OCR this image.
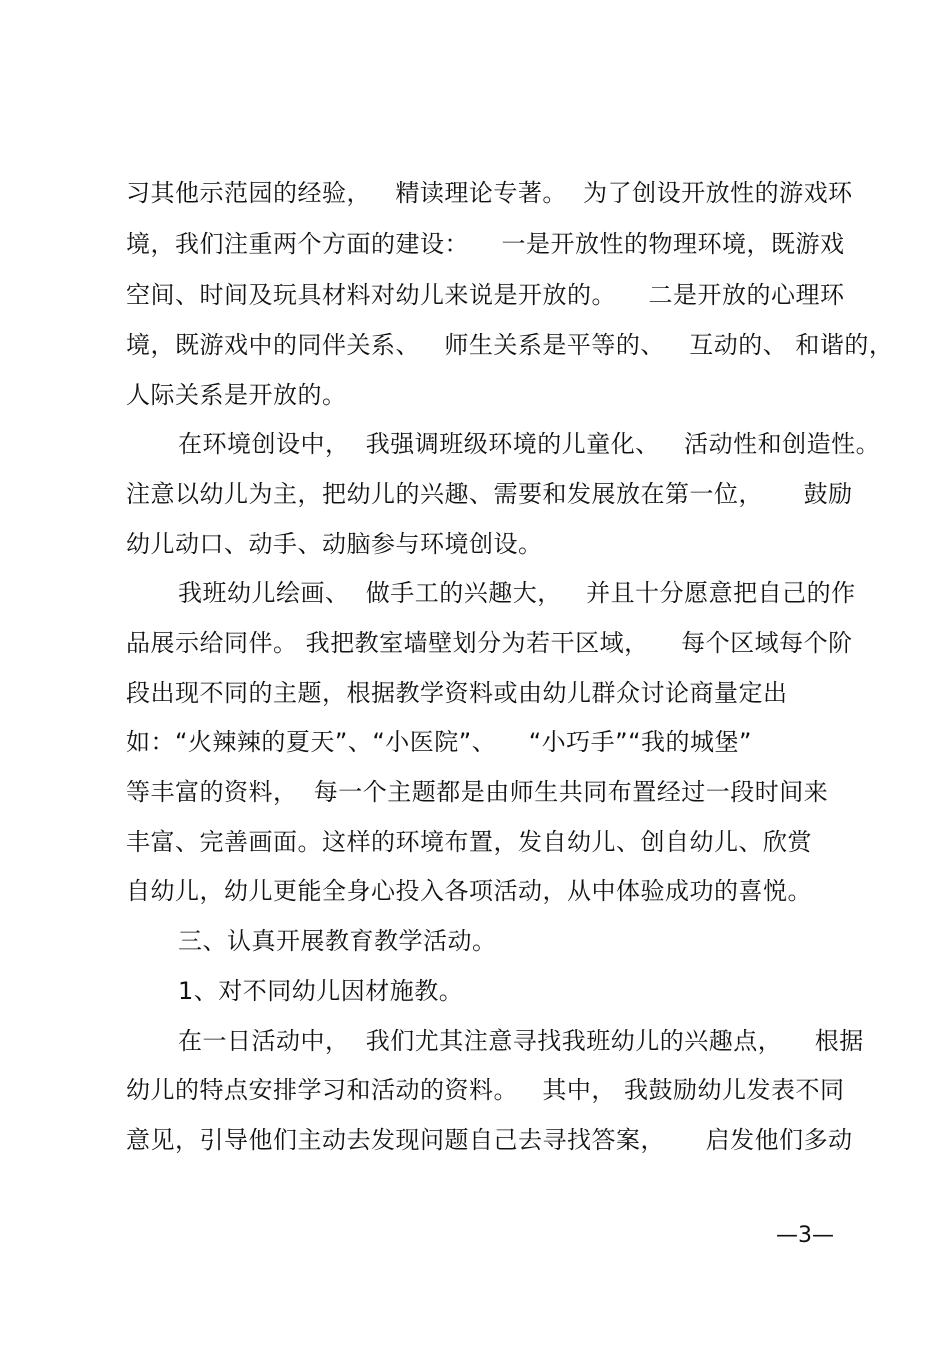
习其他示范园的经验，   精读理论专著。  为了创设开放性的游戏环
境，我们注重两个方面的建设：    一是开放性的物理环境，既游戏
空间、时间及玩具材料对幼儿来说是开放的。    二是开放的心理环
境，既游戏中的同伴关系、   师生关系是平等的、   互动的、 和谐的，
人际关系是开放的。
在环境创设中，  我强调班级环境的儿童化、   活动性和创造性。
注意以幼儿为主，把幼儿的兴趣、需要和发展放在第一位，     鼓励
幼儿动口、动手、动脑参与环境创设。
我班幼儿绘画、  做手工的兴趣大，   并且十分愿意把自己的作
品展示给同伴。 我把教室墙壁划分为若干区域，    每个区域每个阶
段出现不同的主题，根据教学资料或由幼儿群众讨论商量定出
如：“火辣辣的夏天”、“小医院”、    “小巧手”“我的城堡”
等丰富的资料，  每一个主题都是由师生共同布置经过一段时间来
丰富、完善画面。这样的环境布置，发自幼儿、创自幼儿、欣赏
自幼儿，幼儿更能全身心投入各项活动，从中体验成功的喜悦。
三、认真开展教育教学活动。
1、对不同幼儿因材施教。
在一日活动中，  我们尤其注意寻找我班幼儿的兴趣点，    根据
幼儿的特点安排学习和活动的资料。   其中， 我鼓励幼儿发表不同
意见，引导他们主动去发现问题自己去寻找答案，     启发他们多动
—3—
